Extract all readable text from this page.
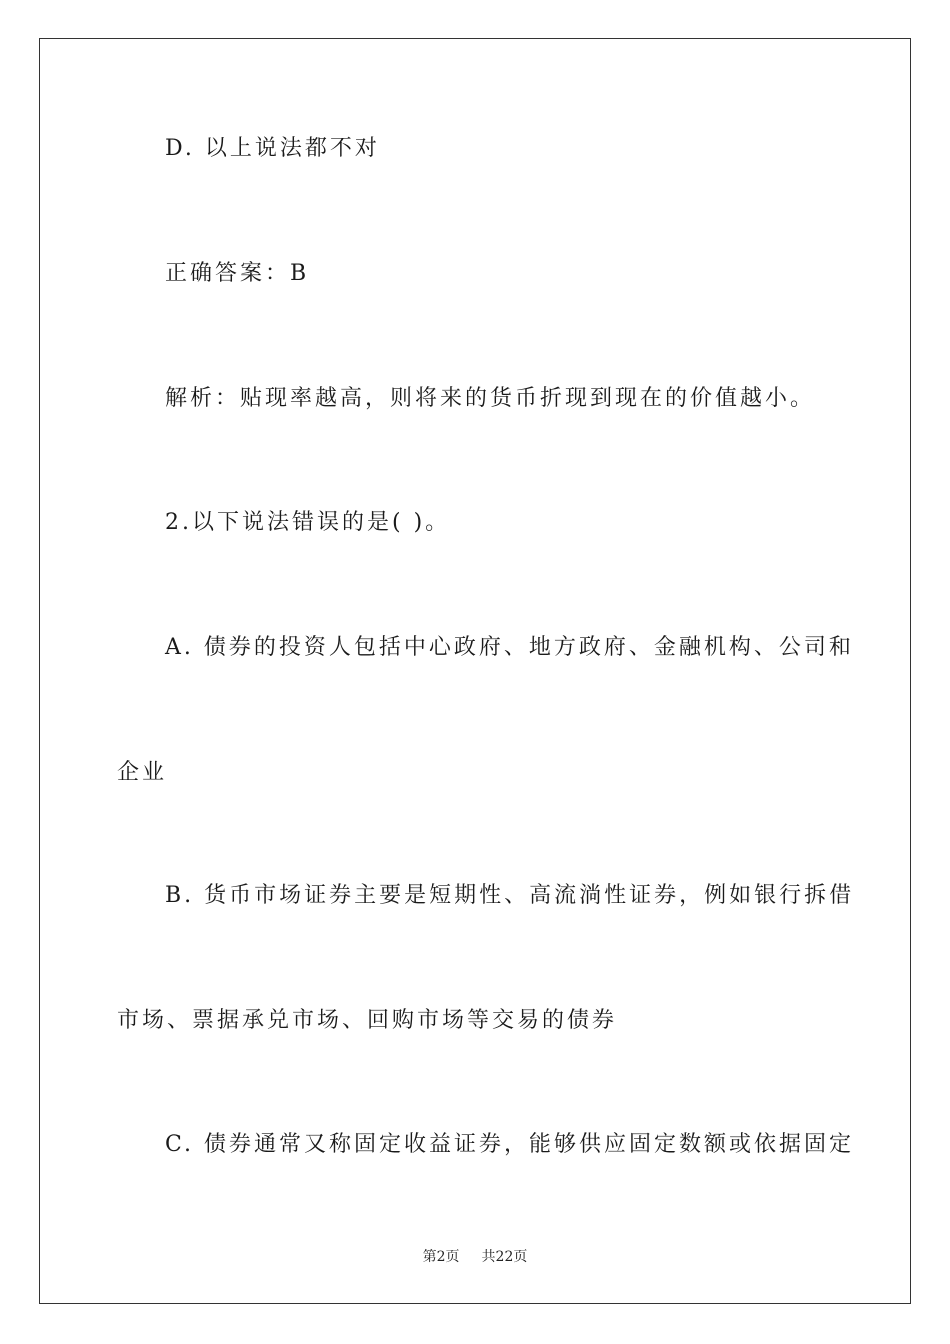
D. 以上说法都不对
正确答案：B
解析：贴现率越高，则将来的货币折现到现在的价值越小。
2.以下说法错误的是( )。
A. 债券的投资人包括中心政府、地方政府、金融机构、公司和
企业
B. 货币市场证券主要是短期性、高流淌性证券，例如银行拆借
市场、票据承兑市场、回购市场等交易的债券
C. 债券通常又称固定收益证券，能够供应固定数额或依据固定
第2页 共22页
